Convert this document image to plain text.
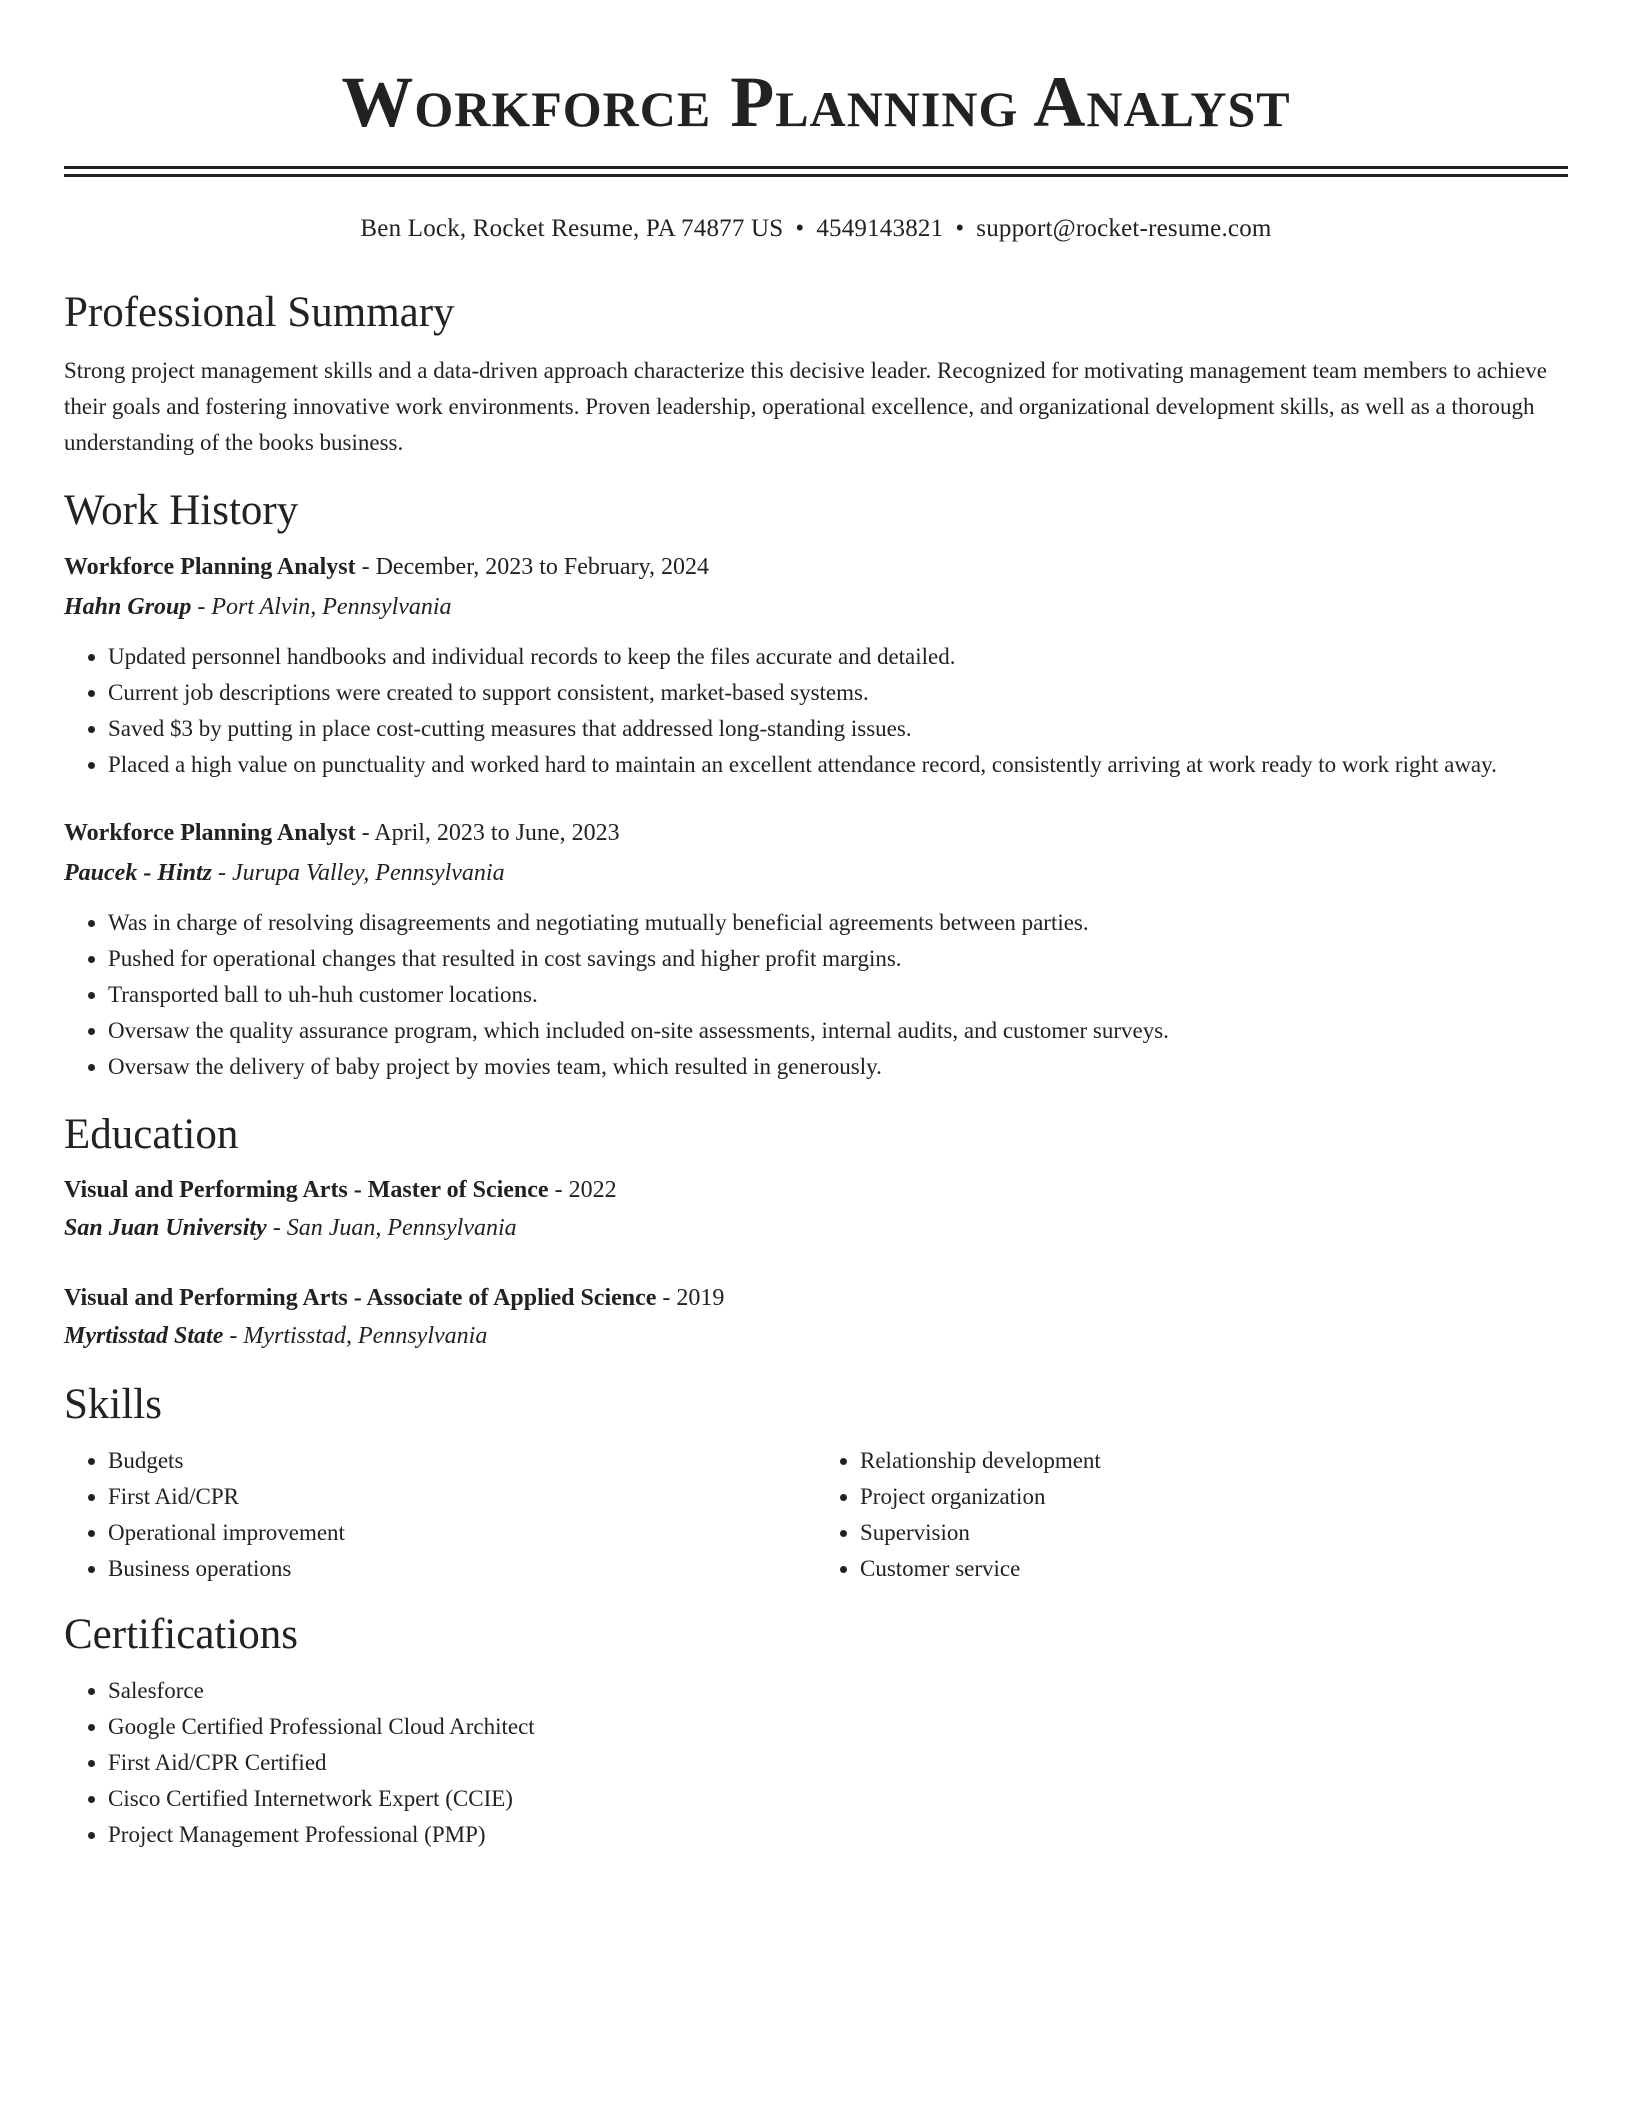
Workforce Planning Analyst
Ben Lock, Rocket Resume, PA 74877 US • 4549143821 • support@rocket-resume.com
Professional Summary

Strong project management skills and a data-driven approach characterize this decisive leader. Recognized for motivating management team members to achieve their goals and fostering innovative work environments. Proven leadership, operational excellence, and organizational development skills, as well as a thorough understanding of the books business.

Work History
Workforce Planning Analyst - December, 2023 to February, 2024
Hahn Group - Port Alvin, Pennsylvania
• Updated personnel handbooks and individual records to keep the files accurate and detailed.
• Current job descriptions were created to support consistent, market-based systems.
• Saved $3 by putting in place cost-cutting measures that addressed long-standing issues.
• Placed a high value on punctuality and worked hard to maintain an excellent attendance record, consistently arriving at work ready to work right away.
Workforce Planning Analyst - April, 2023 to June, 2023
Paucek - Hintz - Jurupa Valley, Pennsylvania
• Was in charge of resolving disagreements and negotiating mutually beneficial agreements between parties.
• Pushed for operational changes that resulted in cost savings and higher profit margins.
• Transported ball to uh-huh customer locations.
• Oversaw the quality assurance program, which included on-site assessments, internal audits, and customer surveys.
• Oversaw the delivery of baby project by movies team, which resulted in generously.
Education
Visual and Performing Arts - Master of Science - 2022
San Juan University - San Juan, Pennsylvania
Visual and Performing Arts - Associate of Applied Science - 2019
Myrtisstad State - Myrtisstad, Pennsylvania
Skills
• Budgets
• First Aid/CPR
• Operational improvement
• Business operations
• Relationship development
• Project organization
• Supervision
• Customer service
Certifications
• Salesforce
• Google Certified Professional Cloud Architect
• First Aid/CPR Certified
• Cisco Certified Internetwork Expert (CCIE)
• Project Management Professional (PMP)
